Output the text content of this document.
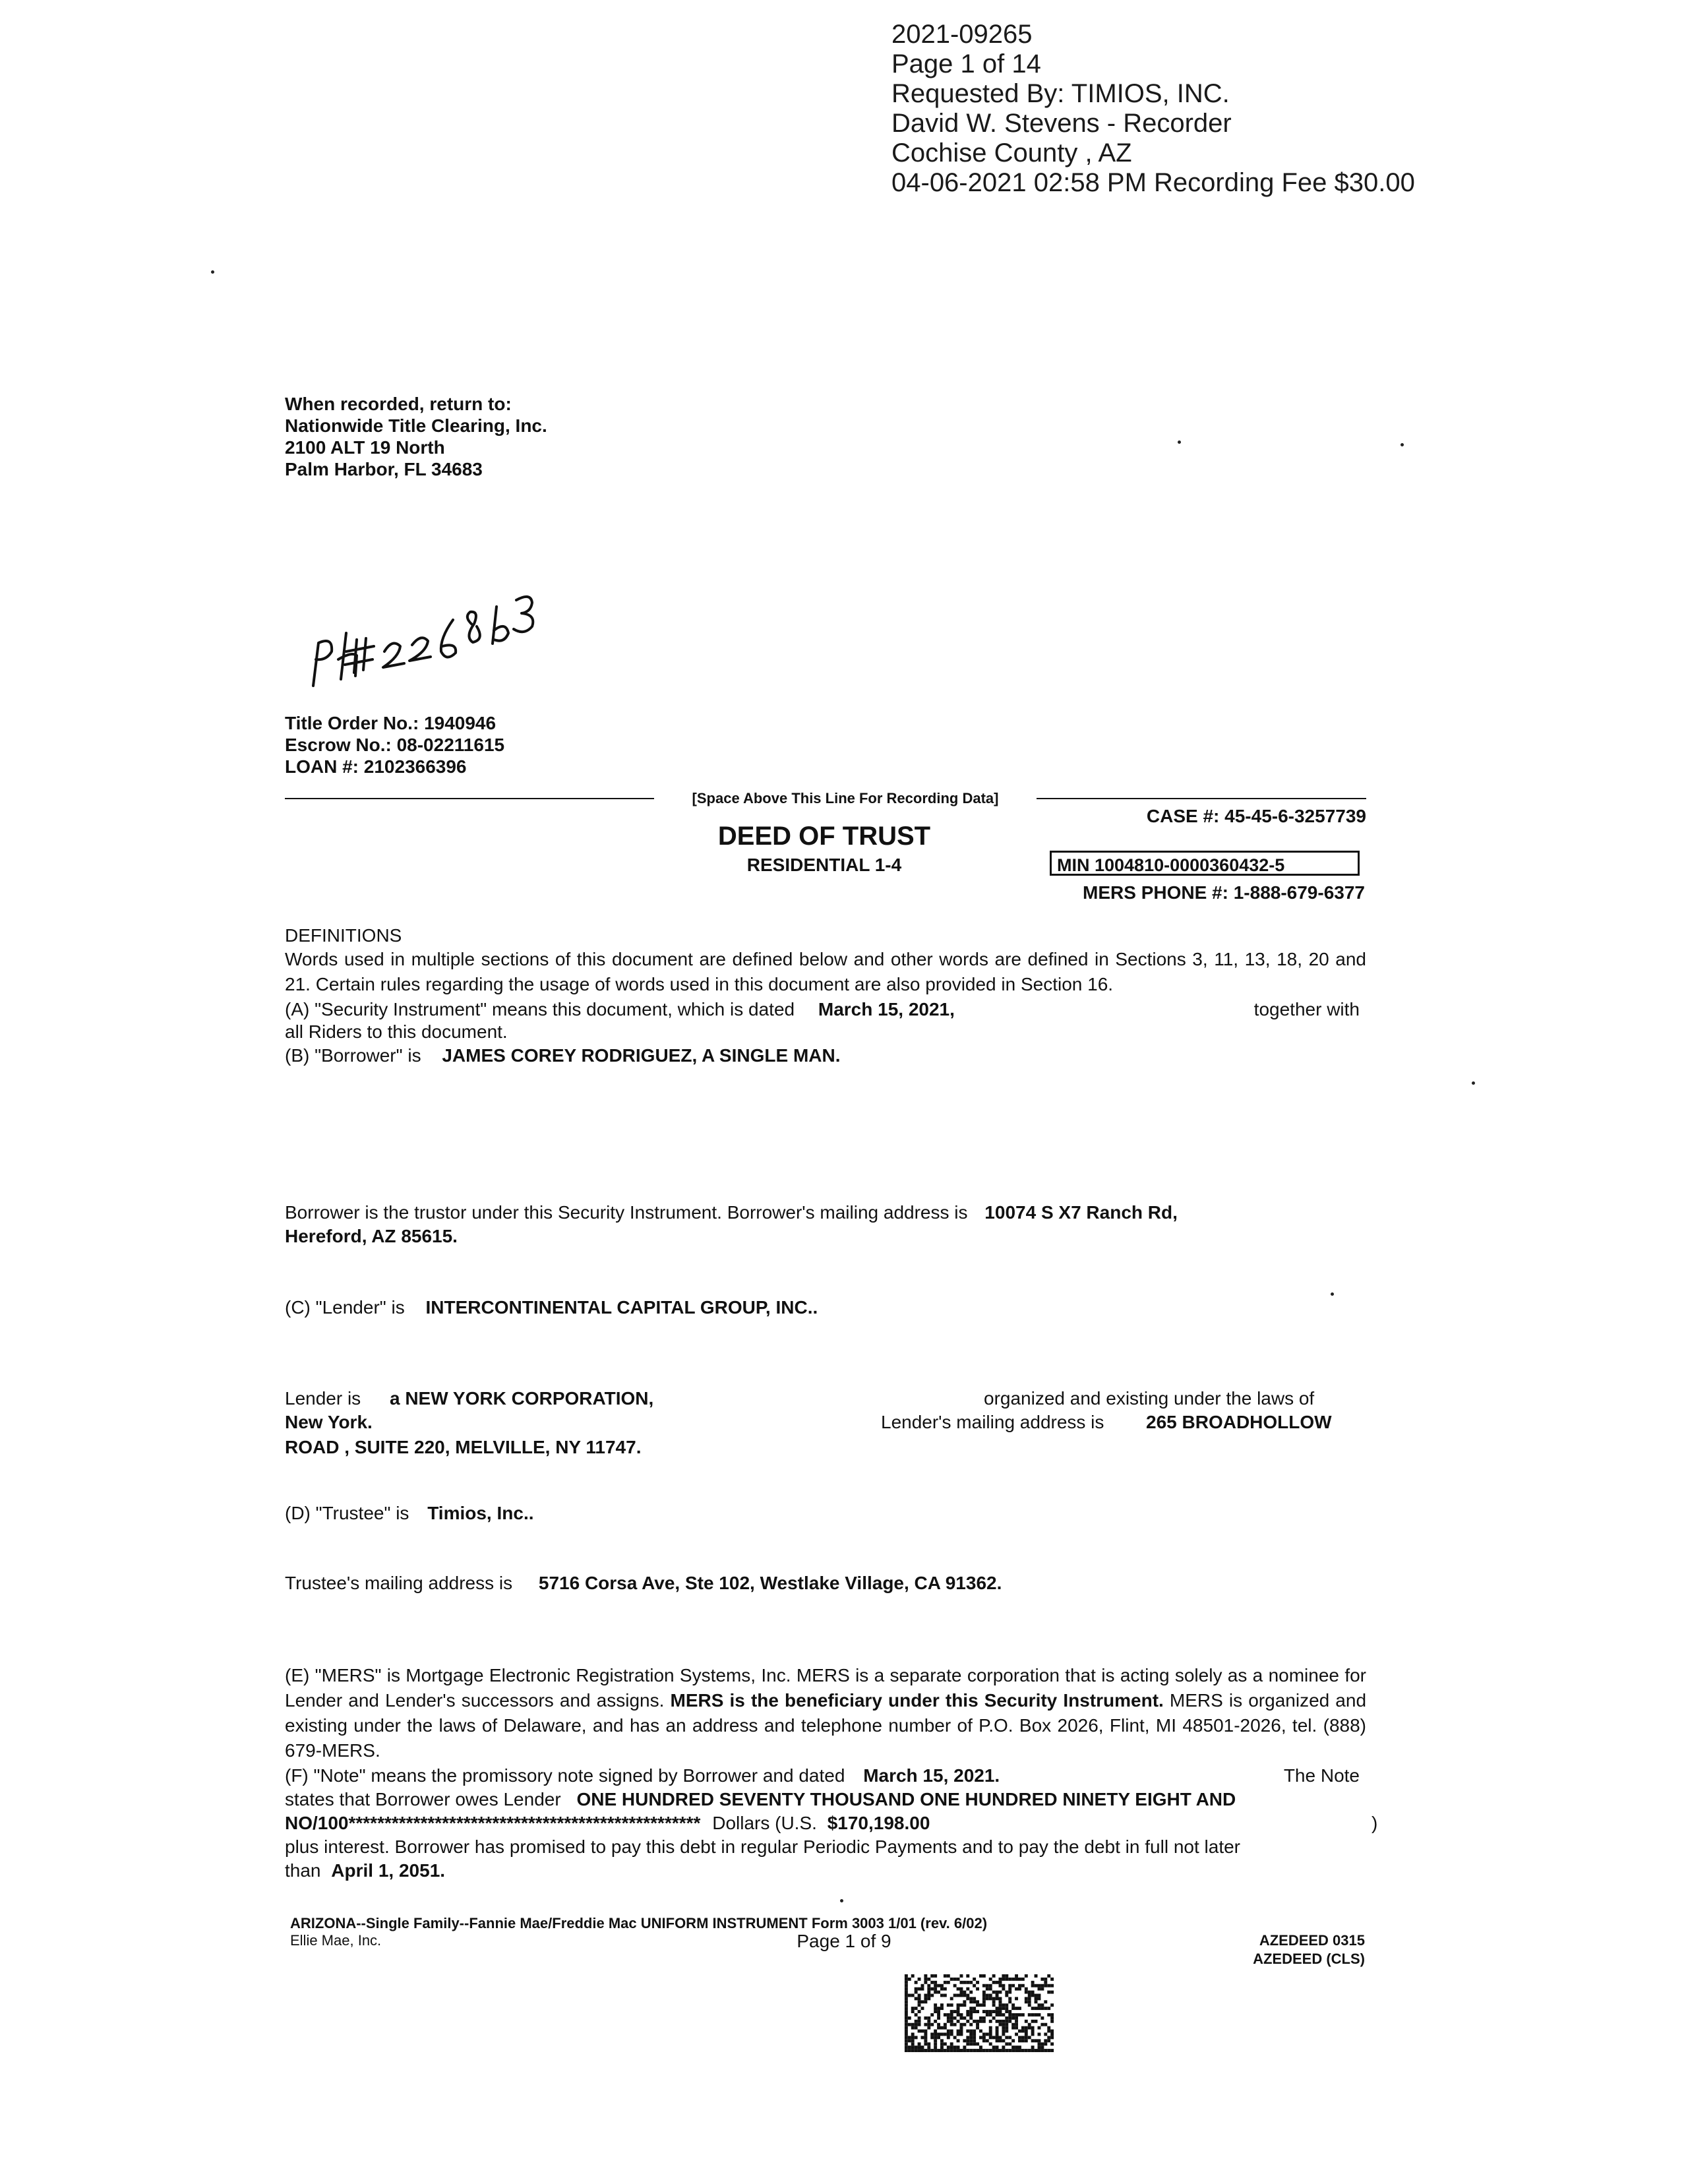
2021-09265
Page 1 of 14
Requested By: TIMIOS, INC.
David W. Stevens - Recorder
Cochise County , AZ
04-06-2021 02:58 PM Recording Fee $30.00
When recorded, return to:
Nationwide Title Clearing, Inc.
2100 ALT 19 North
Palm Harbor, FL 34683
Title Order No.: 1940946
Escrow No.: 08-02211615
LOAN #: 2102366396
[Space Above This Line For Recording Data]
CASE #: 45-45-6-3257739
DEED OF TRUST
RESIDENTIAL 1-4	MIN 1004810-0000360432-5
MERS PHONE #: 1-888-679-6377
DEFINITIONS
Words used in multiple sections of this document are defined below and other words are defined in Sections 3, 11, 13, 18, 20 and 21. Certain rules regarding the usage of words used in this document are also provided in Section 16.
(A) "Security Instrument" means this document, which is dated March 15, 2021,	together with
all Riders to this document.
(B) "Borrower" is JAMES COREY RODRIGUEZ, A SINGLE MAN.
Borrower is the trustor under this Security Instrument. Borrower's mailing address is 10074 S X7 Ranch Rd,
Hereford, AZ 85615.
(C) "Lender" is INTERCONTINENTAL CAPITAL GROUP, INC..
Lender is a NEW YORK CORPORATION,	organized and existing under the laws of
New York.	Lender's mailing address is 265 BROADHOLLOW
ROAD , SUITE 220, MELVILLE, NY 11747.
(D) "Trustee" is Timios, Inc..
Trustee's mailing address is 5716 Corsa Ave, Ste 102, Westlake Village, CA 91362.
(E) "MERS" is Mortgage Electronic Registration Systems, Inc. MERS is a separate corporation that is acting solely as a nominee for Lender and Lender's successors and assigns. MERS is the beneficiary under this Security Instrument. MERS is organized and existing under the laws of Delaware, and has an address and telephone number of P.O. Box 2026, Flint, MI 48501-2026, tel. (888) 679-MERS.
(F) "Note" means the promissory note signed by Borrower and dated March 15, 2021.	The Note
states that Borrower owes Lender ONE HUNDRED SEVENTY THOUSAND ONE HUNDRED NINETY EIGHT AND
NO/100************************************************* Dollars (U.S. $170,198.00	)
plus interest. Borrower has promised to pay this debt in regular Periodic Payments and to pay the debt in full not later
than April 1, 2051.
ARIZONA--Single Family--Fannie Mae/Freddie Mac UNIFORM INSTRUMENT Form 3003 1/01 (rev. 6/02)
Ellie Mae, Inc.	Page 1 of 9	AZEDEED 0315
AZEDEED (CLS)
